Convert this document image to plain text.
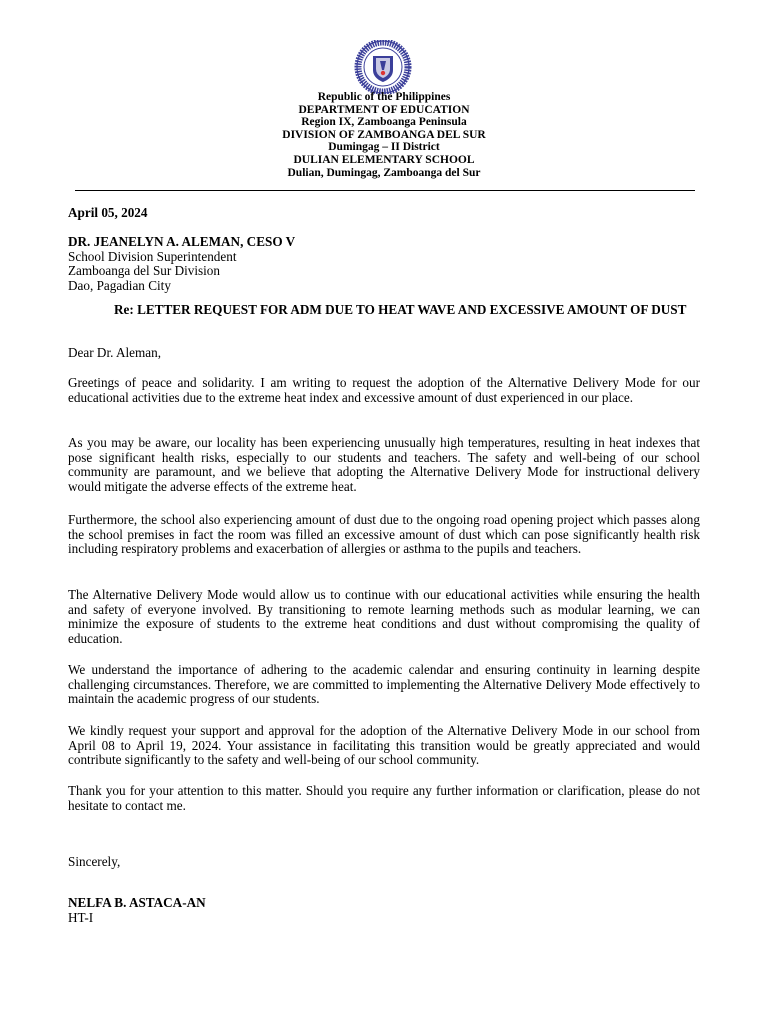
Republic of the Philippines
DEPARTMENT OF EDUCATION
Region IX, Zamboanga Peninsula
DIVISION OF ZAMBOANGA DEL SUR
Dumingag – II District
DULIAN ELEMENTARY SCHOOL
Dulian, Dumingag, Zamboanga del Sur
April 05, 2024
DR. JEANELYN A. ALEMAN, CESO V
School Division Superintendent
Zamboanga del Sur Division
Dao, Pagadian City
Re: LETTER REQUEST FOR ADM DUE TO HEAT WAVE AND EXCESSIVE AMOUNT OF DUST
Dear Dr. Aleman,
Greetings of peace and solidarity. I am writing to request the adoption of the Alternative Delivery Mode for our educational activities due to the extreme heat index and excessive amount of dust experienced in our place.
As you may be aware, our locality has been experiencing unusually high temperatures, resulting in heat indexes that pose significant health risks, especially to our students and teachers. The safety and well-being of our school community are paramount, and we believe that adopting the Alternative Delivery Mode for instructional delivery would mitigate the adverse effects of the extreme heat.
Furthermore, the school also experiencing amount of dust due to the ongoing road opening project which passes along the school premises in fact the room was filled an excessive amount of dust which can pose significantly health risk including respiratory problems and exacerbation of allergies or asthma to the pupils and teachers.
The Alternative Delivery Mode would allow us to continue with our educational activities while ensuring the health and safety of everyone involved. By transitioning to remote learning methods such as modular learning, we can minimize the exposure of students to the extreme heat conditions and dust without compromising the quality of education.
We understand the importance of adhering to the academic calendar and ensuring continuity in learning despite challenging circumstances. Therefore, we are committed to implementing the Alternative Delivery Mode effectively to maintain the academic progress of our students.
We kindly request your support and approval for the adoption of the Alternative Delivery Mode in our school from April 08 to April 19, 2024. Your assistance in facilitating this transition would be greatly appreciated and would contribute significantly to the safety and well-being of our school community.
Thank you for your attention to this matter. Should you require any further information or clarification, please do not hesitate to contact me.
Sincerely,
NELFA B. ASTACA-AN
HT-I
